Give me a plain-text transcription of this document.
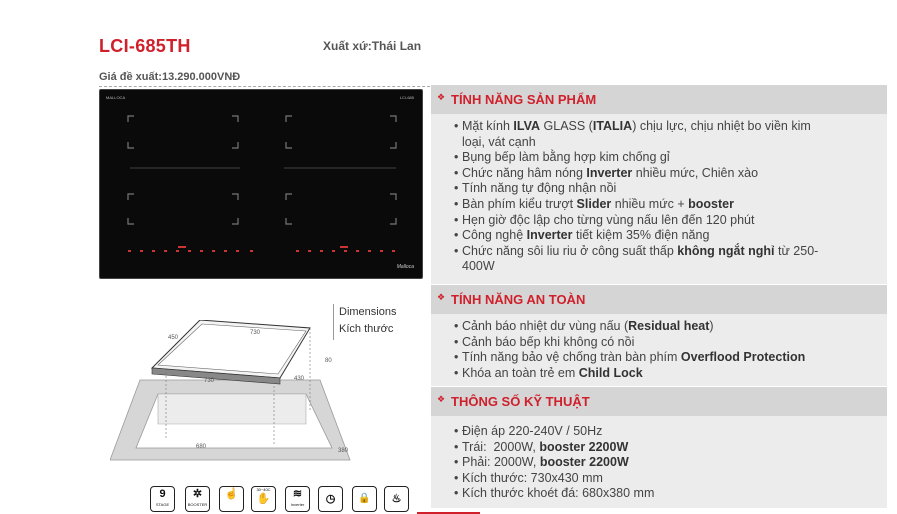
LCI-685TH	Xuất xứ:Thái Lan
Giá đề xuất:13.290.000VNĐ
MALLOCA	LCI-685
Malloca
❖ TÍNH NĂNG SẢN PHẨM
• Mặt kính ILVA GLASS (ITALIA) chịu lực, chịu nhiệt bo viền kim loại, vát cạnh
• Bụng bếp làm bằng hợp kim chống gỉ
• Chức năng hâm nóng Inverter nhiều mức, Chiên xào
• Tính năng tự động nhận nồi
• Bàn phím kiểu trượt Slider nhiều mức + booster
• Hẹn giờ độc lập cho từng vùng nấu lên đến 120 phút
• Công nghệ Inverter tiết kiệm 35% điện năng
• Chức năng sôi liu riu ở công suất thấp không ngắt nghỉ từ 250-400W
❖ TÍNH NĂNG AN TOÀN
• Cảnh báo nhiệt dư vùng nấu (Residual heat)
• Cảnh báo bếp khi không có nồi
• Tính năng bảo vệ chống tràn bàn phím Overflood Protection
• Khóa an toàn trẻ em Child Lock
❖ THÔNG SỐ KỸ THUẬT
• Điện áp 220-240V / 50Hz
• Trái:  2000W, booster 2200W
• Phải: 2000W, booster 2200W
• Kích thước: 730x430 mm
• Kích thước khoét đá: 680x380 mm
Dimensions
Kích thước
450
730
80
730	430
680
380
9
STAGE
✲
BOOSTER
☝	30~40C
✋	≋
Inverter	◷	🔒	♨
